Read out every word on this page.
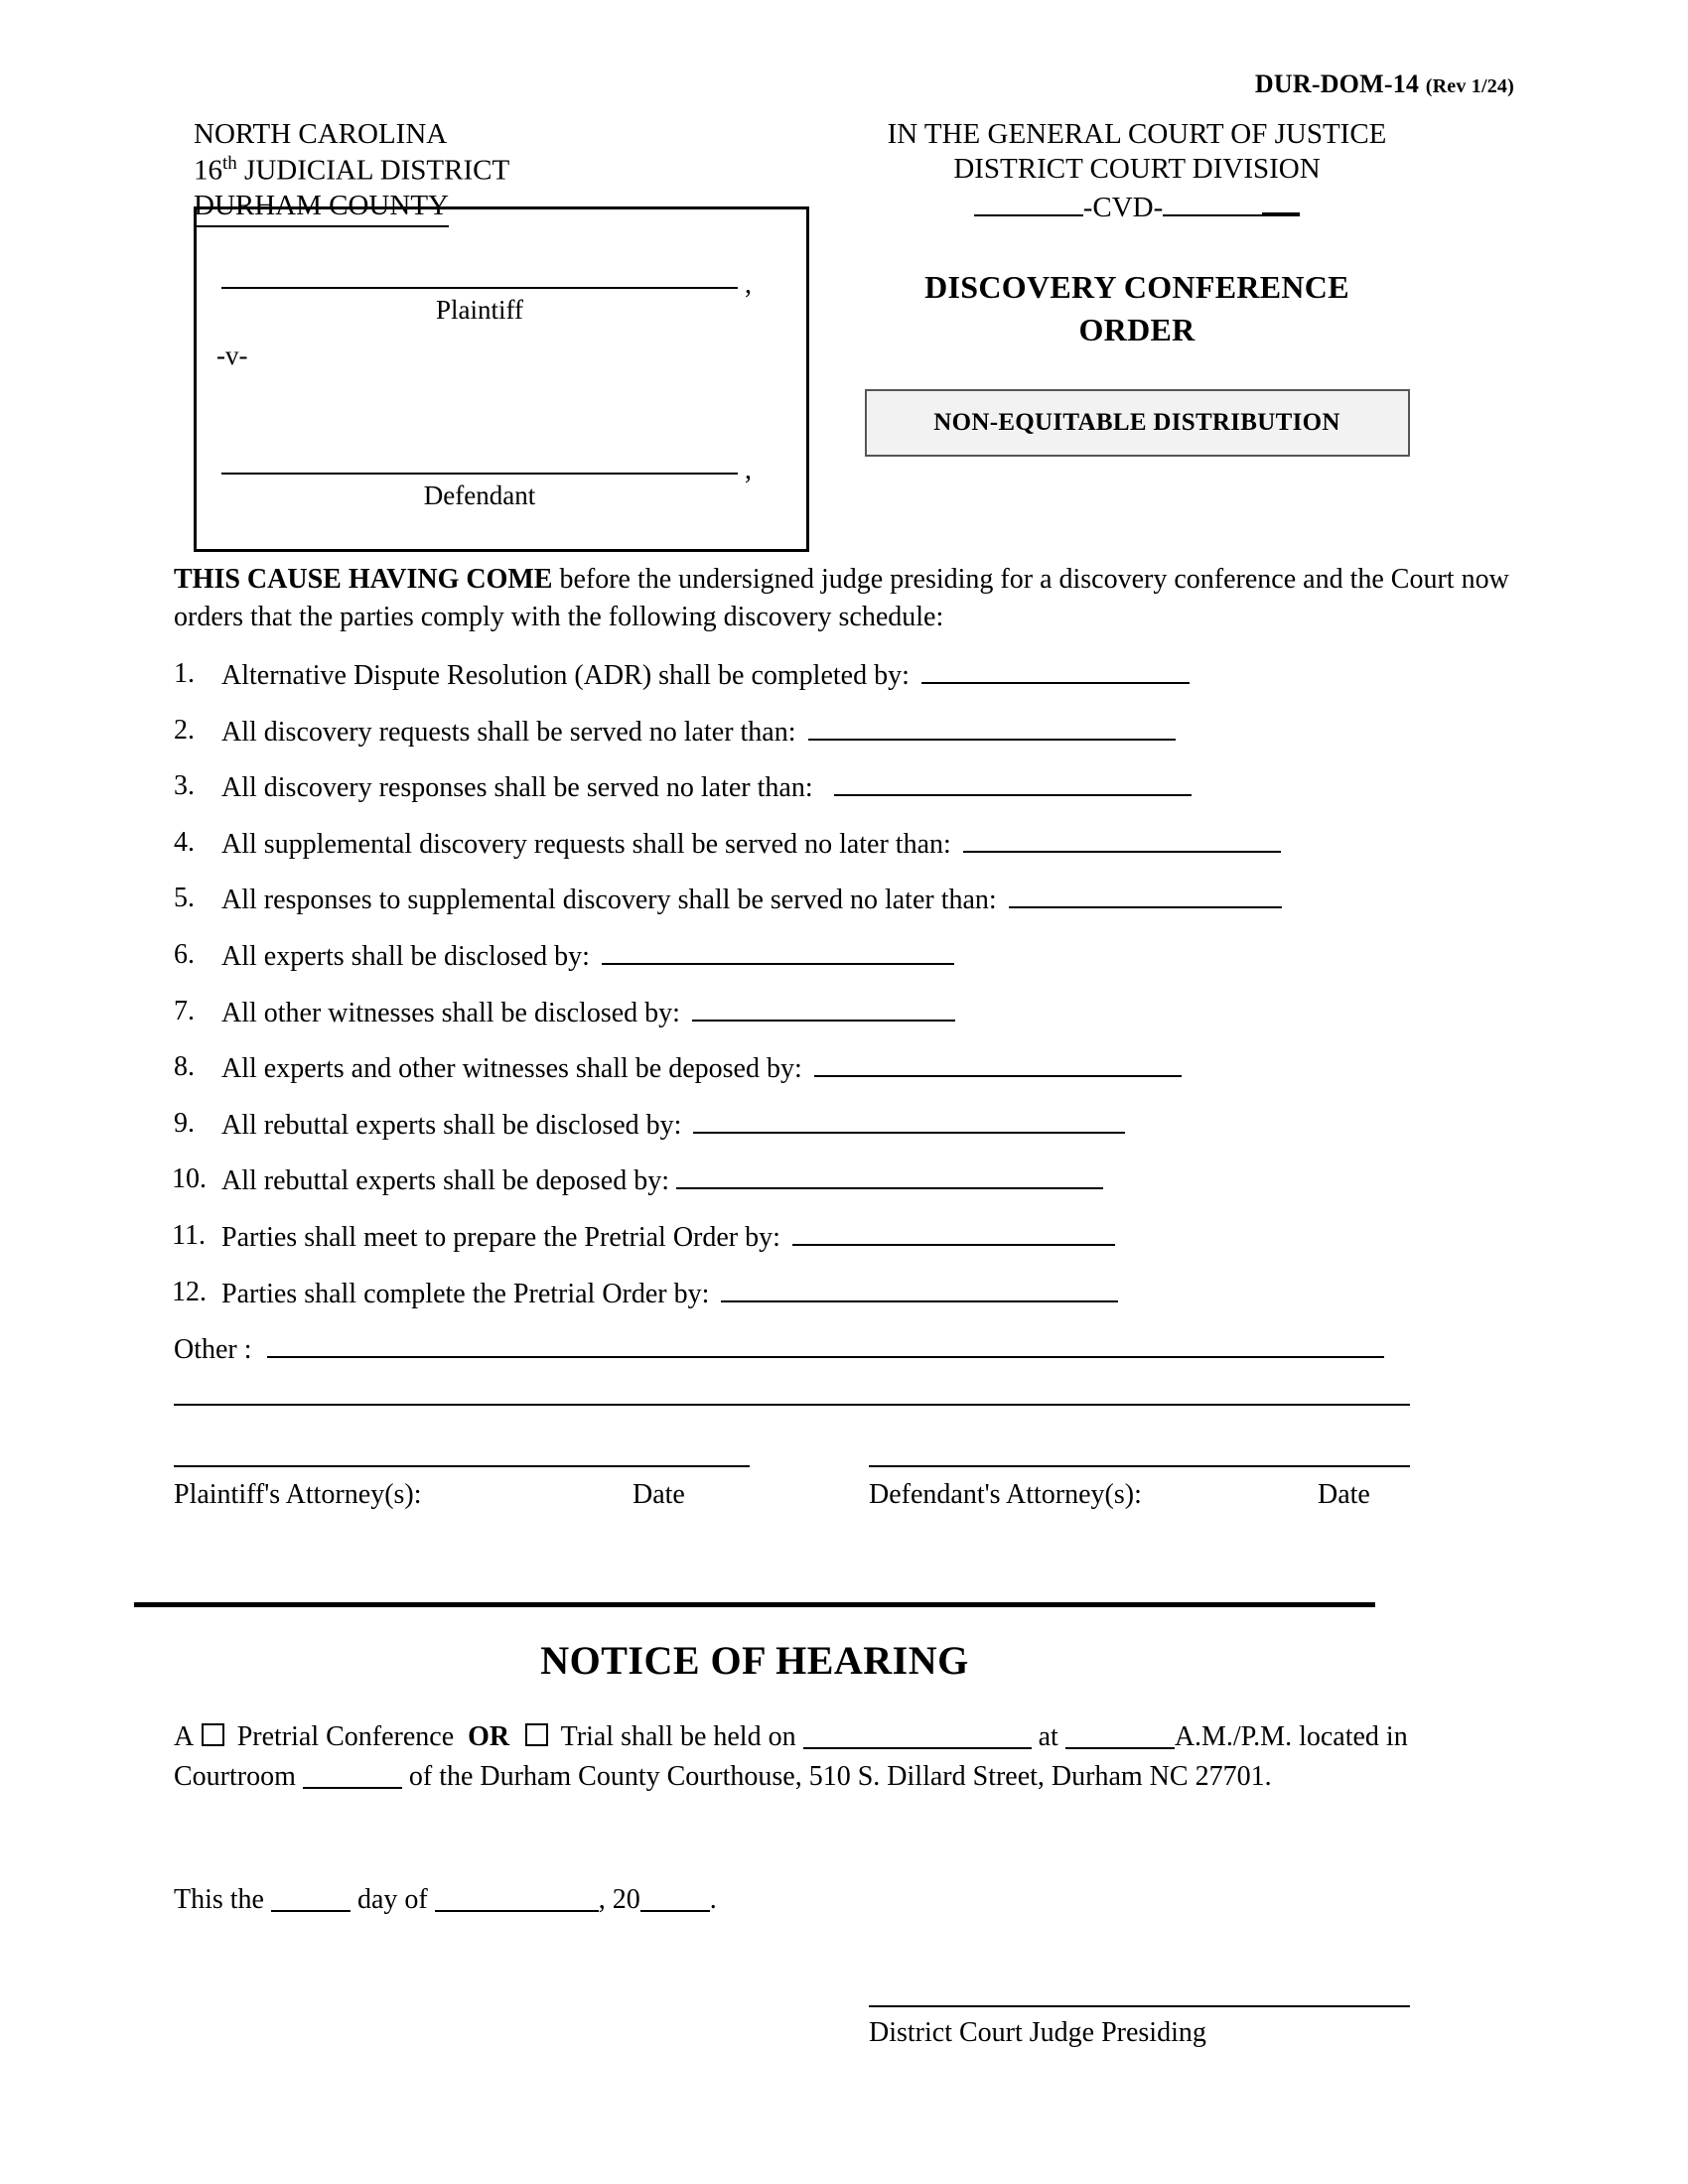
DUR-DOM-14 (Rev 1/24)
NORTH CAROLINA
16th JUDICIAL DISTRICT
DURHAM COUNTY
IN THE GENERAL COURT OF JUSTICE
DISTRICT COURT DIVISION
-CVD-
,
Plaintiff
-v-
,
Defendant
DISCOVERY CONFERENCE
ORDER
NON-EQUITABLE DISTRIBUTION
THIS CAUSE HAVING COME before the undersigned judge presiding for a discovery conference and the Court now orders that the parties comply with the following discovery schedule:
1. Alternative Dispute Resolution (ADR) shall be completed by:
2. All discovery requests shall be served no later than:
3. All discovery responses shall be served no later than:
4. All supplemental discovery requests shall be served no later than:
5. All responses to supplemental discovery shall be served no later than:
6. All experts shall be disclosed by:
7. All other witnesses shall be disclosed by:
8. All experts and other witnesses shall be deposed by:
9. All rebuttal experts shall be disclosed by:
10. All rebuttal experts shall be deposed by:
11. Parties shall meet to prepare the Pretrial Order by:
12. Parties shall complete the Pretrial Order by:
Other :
Plaintiff's Attorney(s):	Date	Defendant's Attorney(s):	Date
NOTICE OF HEARING
A Pretrial Conference OR Trial shall be held on	at	A.M./P.M. located in Courtroom	of the Durham County Courthouse, 510 S. Dillard Street, Durham NC 27701.
This the	day of	, 20	.
District Court Judge Presiding
